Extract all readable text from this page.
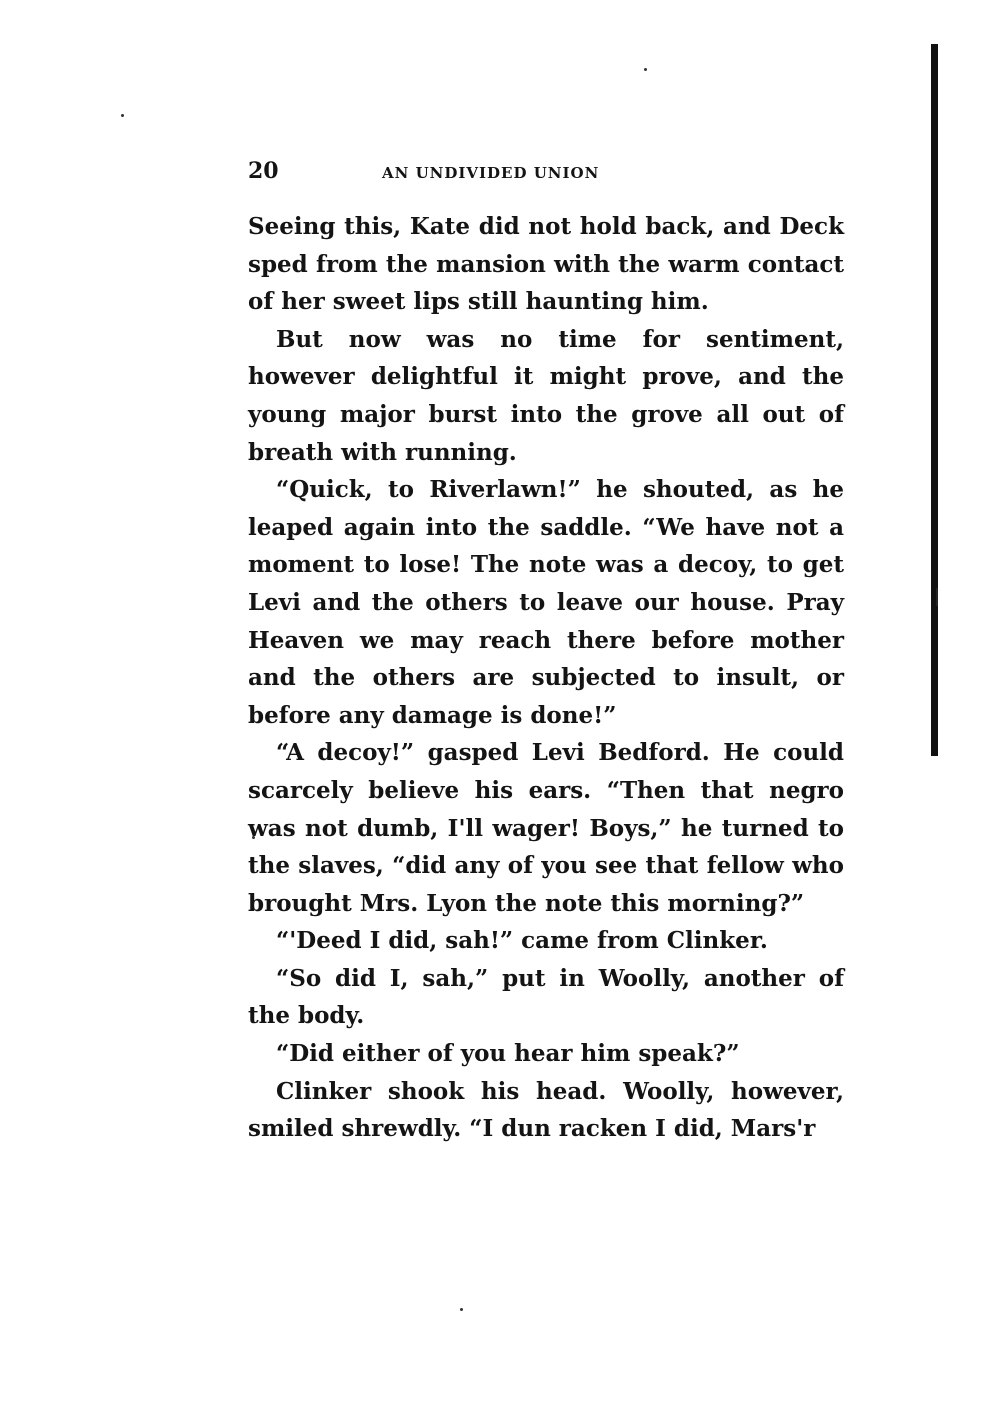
20	AN UNDIVIDED UNION

Seeing this, Kate did not hold back, and Deck sped from the mansion with the warm contact of her sweet lips still haunting him.

But now was no time for sentiment, however delightful it might prove, and the young major burst into the grove all out of breath with running.

“Quick, to Riverlawn!” he shouted, as he leaped again into the saddle. “We have not a moment to lose! The note was a decoy, to get Levi and the others to leave our house. Pray Heaven we may reach there before mother and the others are subjected to insult, or before any damage is done!”

“A decoy!” gasped Levi Bedford. He could scarcely believe his ears. “Then that negro was not dumb, I'll wager! Boys,” he turned to the slaves, “did any of you see that fellow who brought Mrs. Lyon the note this morning?”

“'Deed I did, sah!” came from Clinker.

“So did I, sah,” put in Woolly, another of the body.

“Did either of you hear him speak?”

Clinker shook his head. Woolly, however, smiled shrewdly. “I dun racken I did, Mars'r
